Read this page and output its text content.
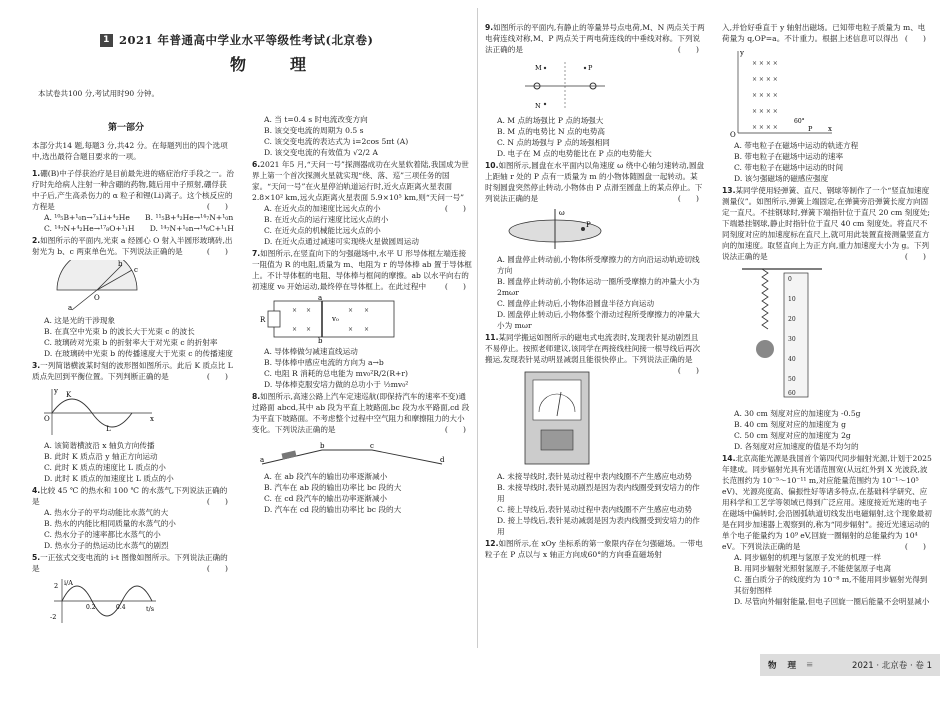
1 2021 年普通高中学业水平等级性考试(北京卷)
物　理
本试卷共100 分,考试用时90 分钟。
第一部分
本部分共14 题,每题3 分,共42 分。在每题列出的四个选项中,选出最符合题目要求的一项。
1.硼(B)中子俘获治疗是目前最先进的癌症治疗手段之一。治疗时先给病人注射一种含硼的药物,随后用中子照射,硼俘获中子后,产生高杀伤力的 α 粒子和锂(Li)离子。这个核反应的方程是	(　　)
A. ¹⁰₅B+¹₀n→⁷₃Li+⁴₂He　　B. ¹¹₅B+⁴₂He→¹⁴₇N+¹₀n
C. ¹⁴₇N+⁴₂He→¹⁷₈O+¹₁H　　D. ¹⁴₇N+¹₀n→¹⁴₆C+¹₁H
2.如图所示的平面内,光束 a 经圆心 O 射入半圆形玻璃砖,出射光为 b、c 两束单色光。下列说法正确的是	(　　)
a
b
c
O
A. 这是光的干涉现象
B. 在真空中光束 b 的波长大于光束 c 的波长
C. 玻璃砖对光束 b 的折射率大于对光束 c 的折射率
D. 在玻璃砖中光束 b 的传播速度大于光束 c 的传播速度
3.一列简谐横波某时刻的波形图如图所示。此后 K 质点比 L 质点先回到平衡位置。下列判断正确的是	(　　)
y
x
K
L
O
A. 该简谐横波沿 x 轴负方向传播
B. 此时 K 质点沿 y 轴正方向运动
C. 此时 K 质点的速度比 L 质点的小
D. 此时 K 质点的加速度比 L 质点的小
4.比较 45 ℃ 的热水和 100 ℃ 的水蒸气,下列说法正确的是	(　　)
A. 热水分子的平均动能比水蒸气的大
B. 热水的内能比相同质量的水蒸气的小
C. 热水分子的速率都比水蒸气的小
D. 热水分子的热运动比水蒸气的剧烈
5.一正弦式交变电流的 i-t 图像如图所示。下列说法正确的是	(　　)
i/A
t/s
2
-2
0.2	0.4
A. 当 t=0.4 s 时电流改变方向
B. 该交变电流的周期为 0.5 s
C. 该交变电流的表达式为 i=2cos 5πt (A)
D. 该交变电流的有效值为 √2/2 A
6.2021 年5 月,“天问一号”探测器成功在火星软着陆,我国成为世界上第一个首次探测火星就实现“绕、落、巡”三项任务的国家。“天问一号”在火星停泊轨道运行时,近火点距离火星表面 2.8×10² km,远火点距离火星表面 5.9×10⁵ km,则“天问一号”
(　　)
A. 在近火点的加速度比远火点的小
B. 在近火点的运行速度比远火点的小
C. 在近火点的机械能比远火点的小
D. 在近火点通过减速可实现绕火星做圆周运动
7.如图所示,在竖直向下的匀强磁场中,水平 U 形导体框左端连接一阻值为 R 的电阻,质量为 m、电阻为 r 的导体棒 ab 置于导体框上。不计导体框的电阻、导体棒与框间的摩擦。ab 以水平向右的初速度 v₀ 开始运动,最终停在导体框上。在此过程中 (　　)
R
a
b
v₀
× ×	× ×
× ×	× ×
A. 导体棒做匀减速直线运动
B. 导体棒中感应电流的方向为 a→b
C. 电阻 R 消耗的总电能为 mv₀²R/2(R+r)
D. 导体棒克服安培力做的总功小于 ½mv₀²
8.如图所示,高速公路上汽车定速巡航(即保持汽车的速率不变)通过路面 abcd,其中 ab 段为平直上坡路面,bc 段为水平路面,cd 段为平直下坡路面。不考虑整个过程中空气阻力和摩擦阻力的大小变化。下列说法正确的是	(　　)
a
b	c
d
A. 在 ab 段汽车的输出功率逐渐减小
B. 汽车在 ab 段的输出功率比 bc 段的大
C. 在 cd 段汽车的输出功率逐渐减小
D. 汽车在 cd 段的输出功率比 bc 段的大
9.如图所示的平面内,有静止的等量异号点电荷,M、N 两点关于两电荷连线对称,M、P 两点关于两电荷连线的中垂线对称。下列说法正确的是	(　　)
M	P
N
A. M 点的场强比 P 点的场强大
B. M 点的电势比 N 点的电势高
C. N 点的场强与 P 点的场强相同
D. 电子在 M 点的电势能比在 P 点的电势能大
10.如图所示,圆盘在水平面内以角速度 ω 绕中心轴匀速转动,圆盘上距轴 r 处的 P 点有一质量为 m 的小物体随圆盘一起转动。某时刻圆盘突然停止转动,小物体由 P 点滑至圆盘上的某点停止。下列说法正确的是	(　　)
P
ω
A. 圆盘停止转动前,小物体所受摩擦力的方向沿运动轨迹切线方向
B. 圆盘停止转动前,小物体运动一圈所受摩擦力的冲量大小为 2mωr
C. 圆盘停止转动后,小物体沿圆盘半径方向运动
D. 圆盘停止转动后,小物体整个滑动过程所受摩擦力的冲量大小为 mωr
11.某同学搬运如图所示的磁电式电流表时,发现表针晃动剧烈且不易停止。按照老师建议,该同学在两接线柱间接一根导线后再次搬运,发现表针晃动明显减弱且能很快停止。下列说法正确的是
(　　)
A. 未接导线时,表针晃动过程中表内线圈不产生感应电动势
B. 未接导线时,表针晃动剧烈是因为表内线圈受到安培力的作用
C. 接上导线后,表针晃动过程中表内线圈不产生感应电动势
D. 接上导线后,表针晃动减弱是因为表内线圈受到安培力的作用
12.如图所示,在 xOy 坐标系的第一象限内存在匀强磁场。一带电粒子在 P 点以与 x 轴正方向成60°的方向垂直磁场射
入,并恰好垂直于 y 轴射出磁场。已知带电粒子质量为 m、电荷量为 q,OP=a。不计重力。根据上述信息可以得出 (　　)
× × × ×
× × × ×
× × × ×
× × × ×
× × × ×
y
x
O
P
60°
A. 带电粒子在磁场中运动的轨迹方程
B. 带电粒子在磁场中运动的速率
C. 带电粒子在磁场中运动的时间
D. 该匀强磁场的磁感应强度
13.某同学使用轻弹簧、直尺、钢球等制作了一个“竖直加速度测量仪”。如图所示,弹簧上端固定,在弹簧旁沿弹簧长度方向固定一直尺。不挂钢球时,弹簧下端指针位于直尺 20 cm 刻度处;下端悬挂钢球,静止时指针位于直尺 40 cm 刻度处。将直尺不同刻度对应的加速度标在直尺上,就可用此装置直接测量竖直方向的加速度。取竖直向上为正方向,重力加速度大小为 g。下列说法正确的是	(　　)
0
10
20
30
40
50
60
A. 30 cm 刻度对应的加速度为 -0.5g
B. 40 cm 刻度对应的加速度为 g
C. 50 cm 刻度对应的加速度为 2g
D. 各刻度对应加速度的值是不均匀的
14.北京高能光源是我国首个第四代同步辐射光源,计划于2025 年建成。同步辐射光具有光谱范围宽(从远红外到 X 光波段,波长范围约为 10⁻⁵～10⁻¹¹ m,对应能量范围约为 10⁻¹～10⁵ eV)、光源亮度高、偏振性好等诸多特点,在基础科学研究、应用科学和工艺学等领域已得到广泛应用。速度接近光速的电子在磁场中偏转时,会沿圆弧轨道切线发出电磁辐射,这个现象最初是在同步加速器上观察到的,称为“同步辐射”。接近光速运动的单个电子能量约为 10⁹ eV,回旋一圈辐射的总能量约为 10⁴ eV。下列说法正确的是	(　　)
A. 同步辐射的机理与氢原子发光的机理一样
B. 用同步辐射光照射氢原子,不能使氢原子电离
C. 蛋白质分子的线度约为 10⁻⁸ m,不能用同步辐射光得到其衍射图样
D. 尽管向外辐射能量,但电子回旋一圈后能量不会明显减小
物 理 ≡	2021 · 北京卷 · 卷 1
